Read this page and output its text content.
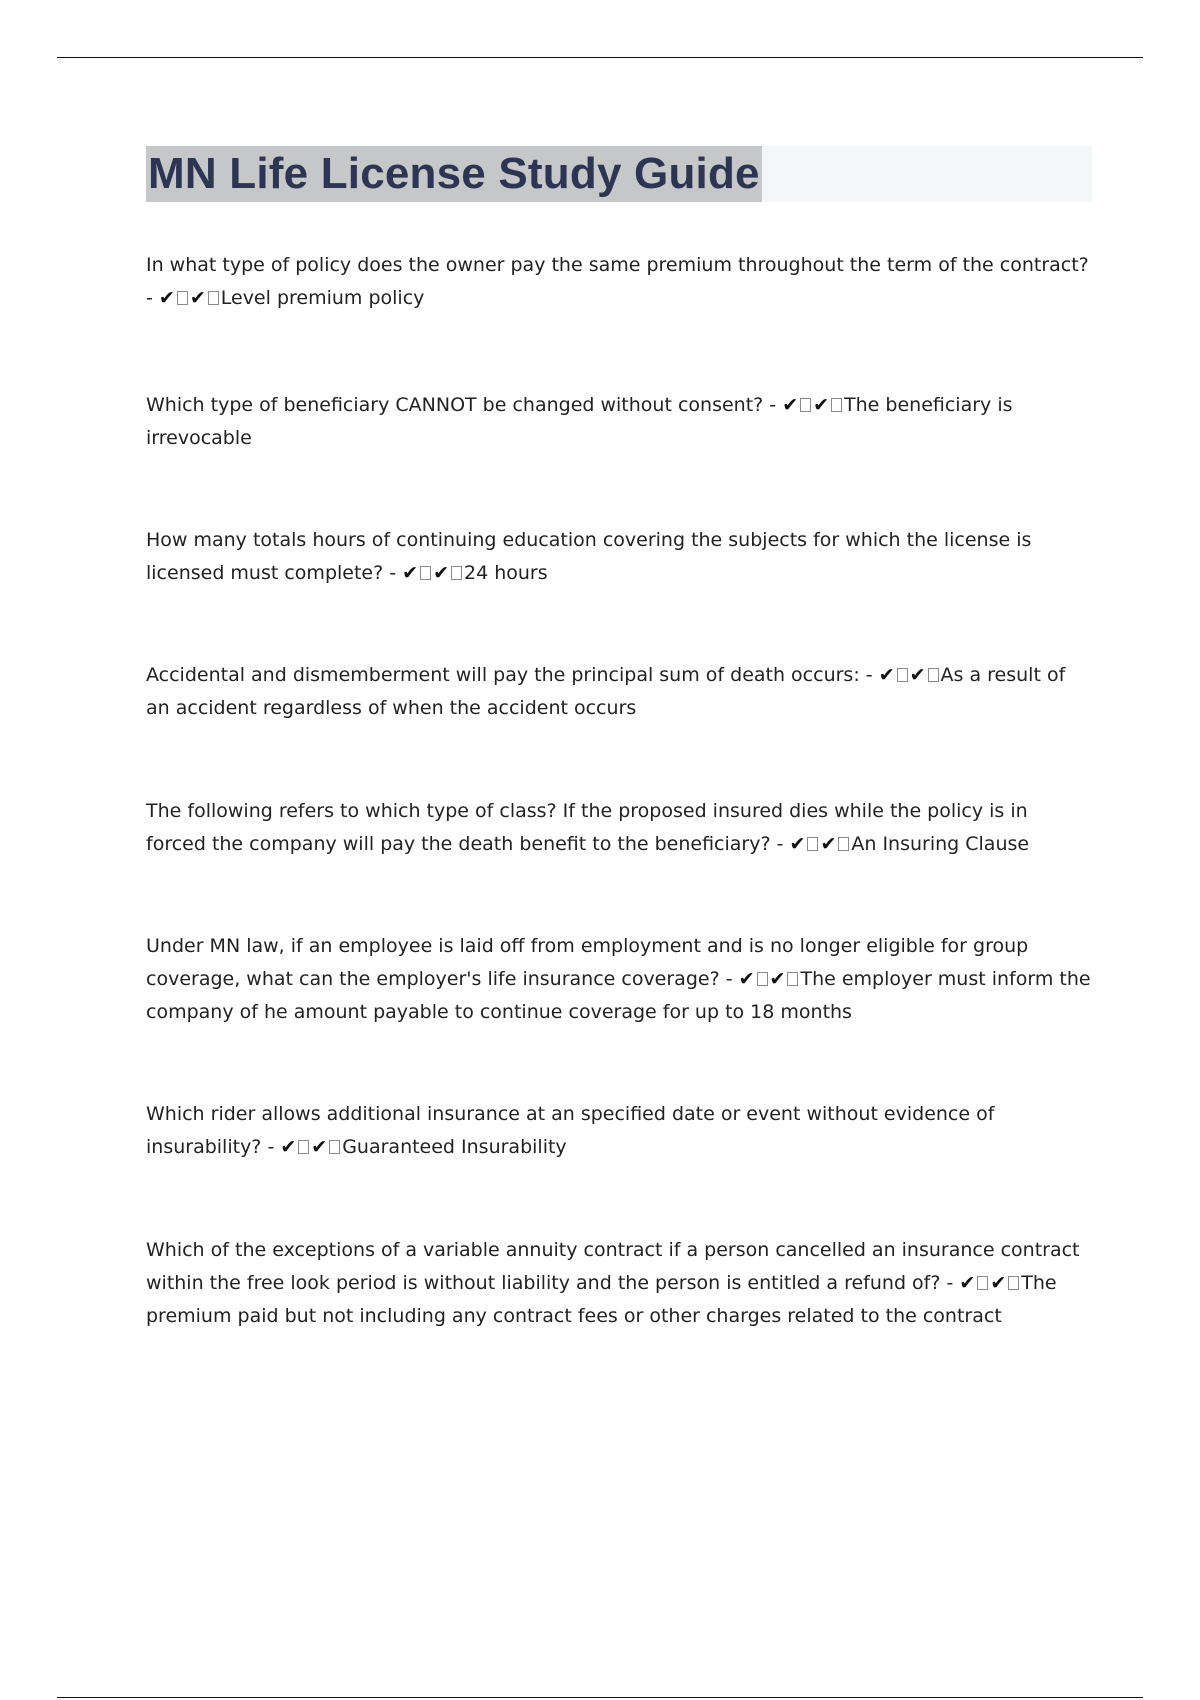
MN Life License Study Guide

In what type of policy does the owner pay the same premium throughout the term of the contract? - ✔ ✔ Level premium policy

Which type of beneficiary CANNOT be changed without consent? - ✔ ✔ The beneficiary is irrevocable

How many totals hours of continuing education covering the subjects for which the license is licensed must complete? - ✔ ✔ 24 hours

Accidental and dismemberment will pay the principal sum of death occurs: - ✔ ✔ As a result of an accident regardless of when the accident occurs

The following refers to which type of class? If the proposed insured dies while the policy is in forced the company will pay the death benefit to the beneficiary? - ✔ ✔ An Insuring Clause

Under MN law, if an employee is laid off from employment and is no longer eligible for group coverage, what can the employer's life insurance coverage? - ✔ ✔ The employer must inform the company of he amount payable to continue coverage for up to 18 months

Which rider allows additional insurance at an specified date or event without evidence of insurability? - ✔ ✔ Guaranteed Insurability

Which of the exceptions of a variable annuity contract if a person cancelled an insurance contract within the free look period is without liability and the person is entitled a refund of? - ✔ ✔ The premium paid but not including any contract fees or other charges related to the contract
